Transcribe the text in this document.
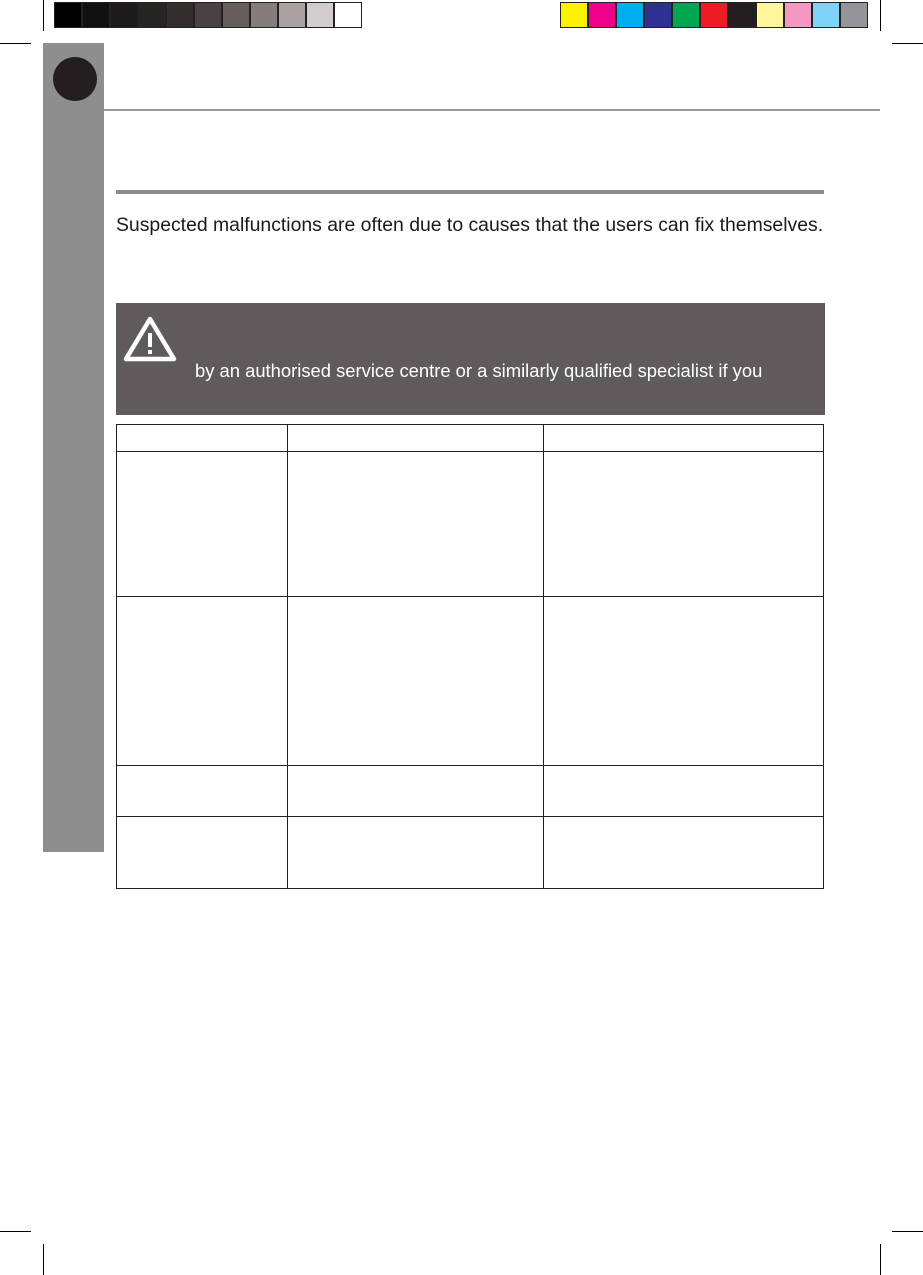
Suspected malfunctions are often due to causes that the users can fix themselves.
by an authorised service centre or a similarly qualified specialist if you
